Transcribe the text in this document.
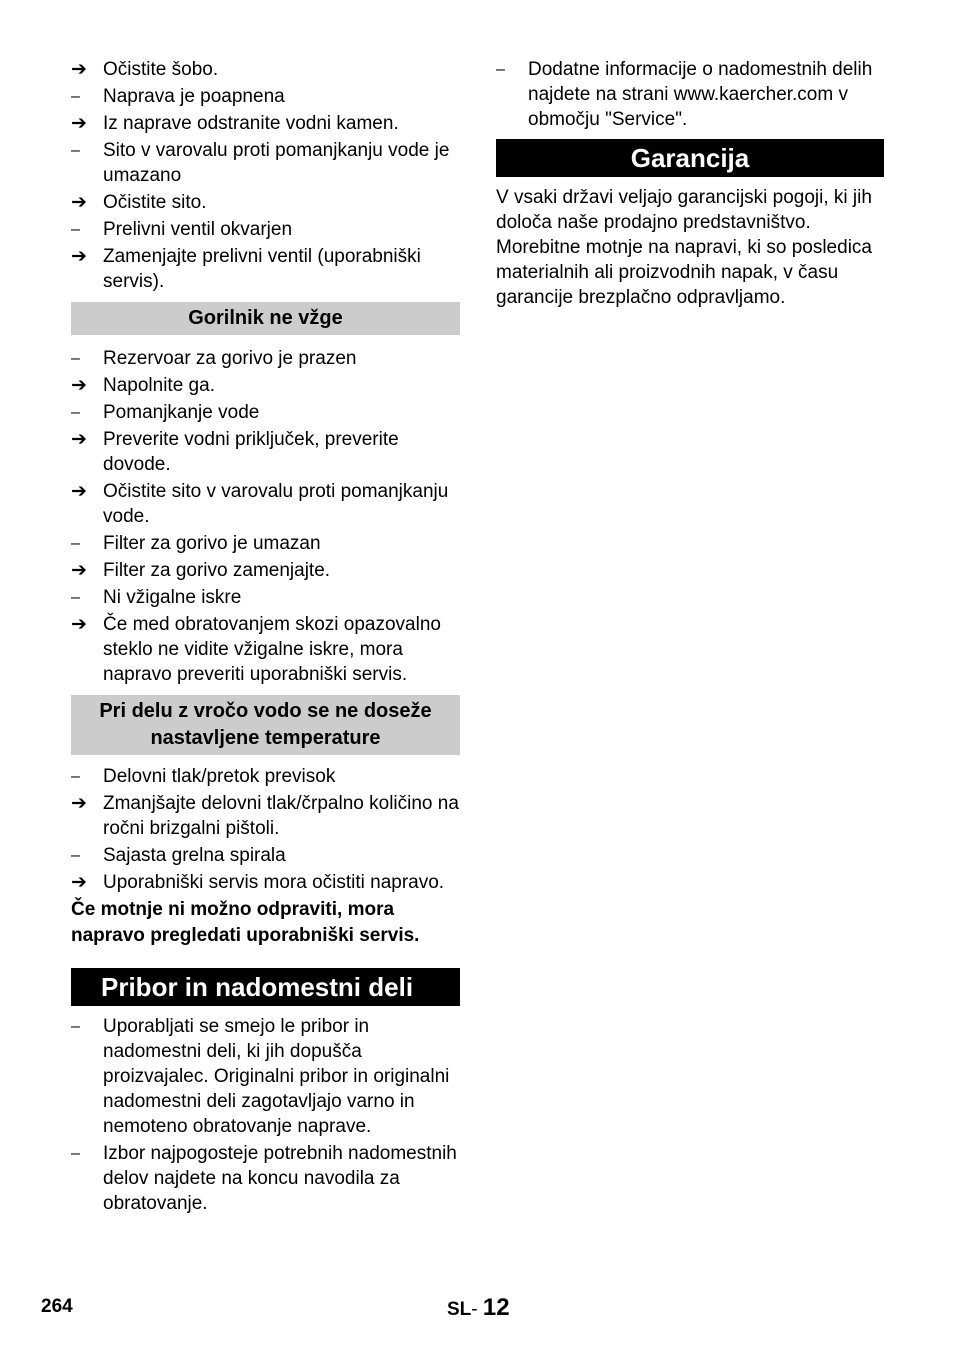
➔ Očistite šobo.
–	Naprava je poapnena
➔ Iz naprave odstranite vodni kamen.
–	Sito v varovalu proti pomanjkanju vode je umazano
➔ Očistite sito.
–	Prelivni ventil okvarjen
➔ Zamenjajte prelivni ventil (uporabniški servis).
Gorilnik ne vžge
–	Rezervoar za gorivo je prazen
➔ Napolnite ga.
–	Pomanjkanje vode
➔ Preverite vodni priključek, preverite dovode.
➔ Očistite sito v varovalu proti pomanjkanju vode.
–	Filter za gorivo je umazan
➔ Filter za gorivo zamenjajte.
–	Ni vžigalne iskre
➔ Če med obratovanjem skozi opazovalno steklo ne vidite vžigalne iskre, mora napravo preveriti uporabniški servis.
Pri delu z vročo vodo se ne doseže nastavljene temperature
–	Delovni tlak/pretok previsok
➔ Zmanjšajte delovni tlak/črpalno količino na ročni brizgalni pištoli.
–	Sajasta grelna spirala
➔ Uporabniški servis mora očistiti napravo.

Če motnje ni možno odpraviti, mora napravo pregledati uporabniški servis.

Pribor in nadomestni deli
–	Uporabljati se smejo le pribor in nadomestni deli, ki jih dopušča proizvajalec. Originalni pribor in originalni nadomestni deli zagotavljajo varno in nemoteno obratovanje naprave.
–	Izbor najpogosteje potrebnih nadomestnih delov najdete na koncu navodila za obratovanje.
–	Dodatne informacije o nadomestnih delih najdete na strani www.kaercher.com v območju "Service".
Garancija

V vsaki državi veljajo garancijski pogoji, ki jih določa naše prodajno predstavništvo. Morebitne motnje na napravi, ki so posledica materialnih ali proizvodnih napak, v času garancije brezplačno odpravljamo.

264	SL- 12
